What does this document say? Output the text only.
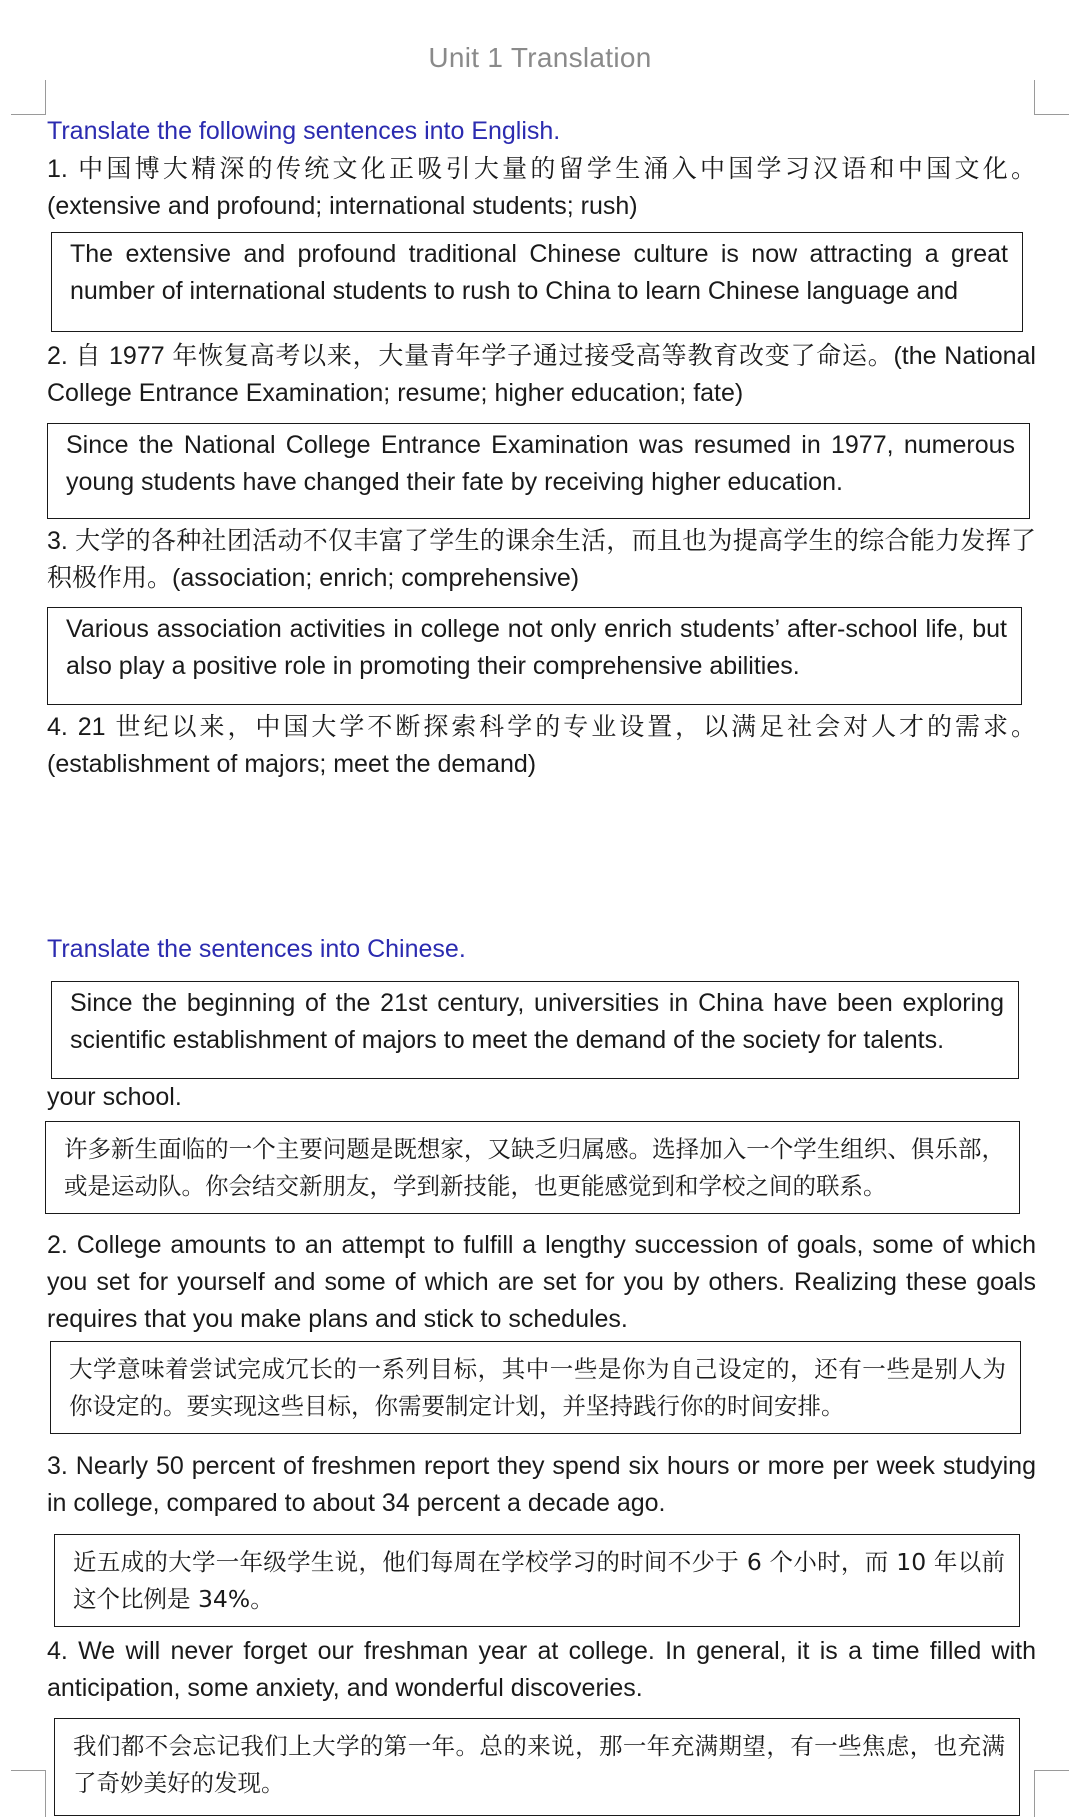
Unit 1 Translation
Translate the following sentences into English.
1. 中国博大精深的传统文化正吸引大量的留学生涌入中国学习汉语和中国文化。(extensive and profound; international students; rush)
The extensive and profound traditional Chinese culture is now attracting a great number of international students to rush to China to learn Chinese language and
2. 自 1977 年恢复高考以来，大量青年学子通过接受高等教育改变了命运。(the National College Entrance Examination; resume; higher education; fate)
Since the National College Entrance Examination was resumed in 1977, numerous young students have changed their fate by receiving higher education.
3. 大学的各种社团活动不仅丰富了学生的课余生活，而且也为提高学生的综合能力发挥了积极作用。(association; enrich; comprehensive)
Various association activities in college not only enrich students’ after-school life, but also play a positive role in promoting their comprehensive abilities.
4. 21 世纪以来，中国大学不断探索科学的专业设置，以满足社会对人才的需求。(establishment of majors; meet the demand)
Translate the sentences into Chinese.
Since the beginning of the 21st century, universities in China have been exploring scientific establishment of majors to meet the demand of the society for talents.
your school.
许多新生面临的一个主要问题是既想家，又缺乏归属感。选择加入一个学生组织、俱乐部，或是运动队。你会结交新朋友，学到新技能，也更能感觉到和学校之间的联系。
2. College amounts to an attempt to fulfill a lengthy succession of goals, some of which you set for yourself and some of which are set for you by others. Realizing these goals requires that you make plans and stick to schedules.
大学意味着尝试完成冗长的一系列目标，其中一些是你为自己设定的，还有一些是别人为你设定的。要实现这些目标，你需要制定计划，并坚持践行你的时间安排。
3. Nearly 50 percent of freshmen report they spend six hours or more per week studying in college, compared to about 34 percent a decade ago.
近五成的大学一年级学生说，他们每周在学校学习的时间不少于 6 个小时，而 10 年以前这个比例是 34%。
4. We will never forget our freshman year at college. In general, it is a time filled with anticipation, some anxiety, and wonderful discoveries.
我们都不会忘记我们上大学的第一年。总的来说，那一年充满期望，有一些焦虑，也充满了奇妙美好的发现。
